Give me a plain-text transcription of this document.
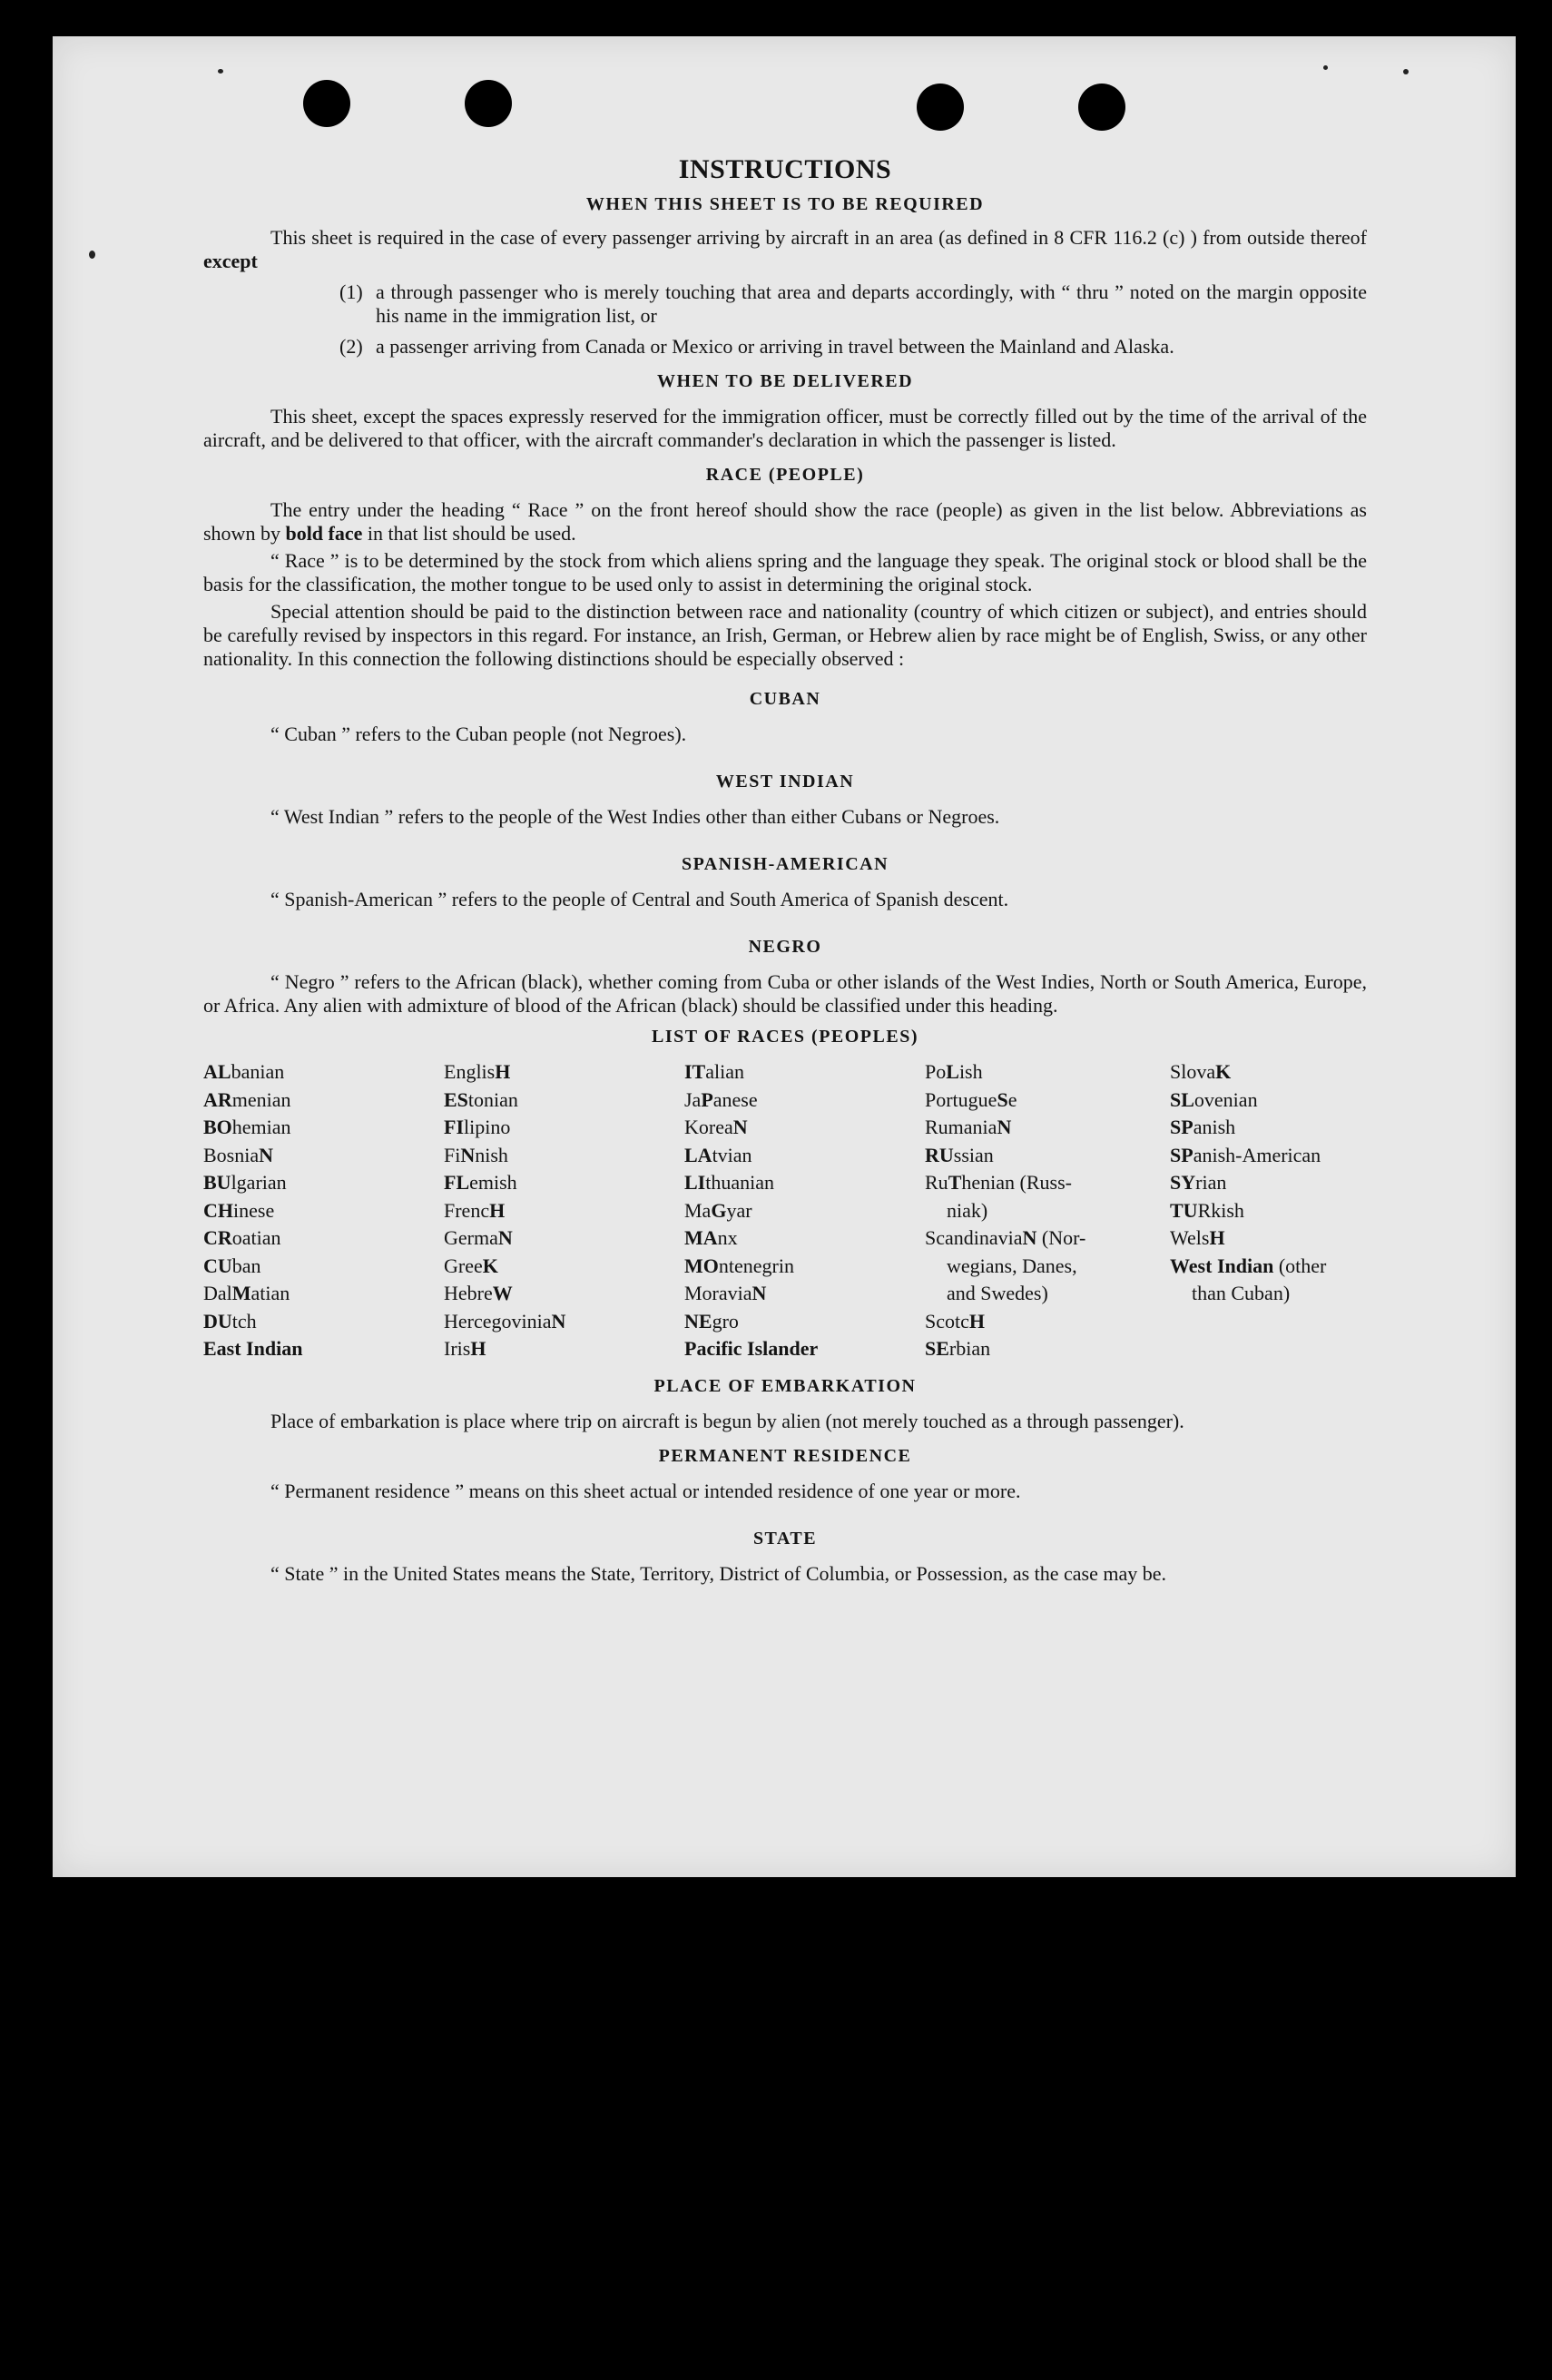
INSTRUCTIONS
WHEN THIS SHEET IS TO BE REQUIRED

This sheet is required in the case of every passenger arriving by aircraft in an area (as defined in 8 CFR 116.2 (c) ) from outside thereof except

(1) a through passenger who is merely touching that area and departs accordingly, with “ thru ” noted on the margin opposite his name in the immigration list, or
(2) a passenger arriving from Canada or Mexico or arriving in travel between the Mainland and Alaska.
WHEN TO BE DELIVERED

This sheet, except the spaces expressly reserved for the immigration officer, must be correctly filled out by the time of the arrival of the aircraft, and be delivered to that officer, with the aircraft commander's declaration in which the passenger is listed.

RACE (PEOPLE)

The entry under the heading “ Race ” on the front hereof should show the race (people) as given in the list below. Abbreviations as shown by bold face in that list should be used.

“ Race ” is to be determined by the stock from which aliens spring and the language they speak. The original stock or blood shall be the basis for the classification, the mother tongue to be used only to assist in determining the original stock.

Special attention should be paid to the distinction between race and nationality (country of which citizen or subject), and entries should be carefully revised by inspectors in this regard. For instance, an Irish, German, or Hebrew alien by race might be of English, Swiss, or any other nationality. In this connection the following distinctions should be especially observed :

CUBAN

“ Cuban ” refers to the Cuban people (not Negroes).

WEST INDIAN

“ West Indian ” refers to the people of the West Indies other than either Cubans or Negroes.

SPANISH-AMERICAN

“ Spanish-American ” refers to the people of Central and South America of Spanish descent.

NEGRO

“ Negro ” refers to the African (black), whether coming from Cuba or other islands of the West Indies, North or South America, Europe, or Africa. Any alien with admixture of blood of the African (black) should be classified under this heading.

LIST OF RACES (PEOPLES)
ALbanian
ARmenian
BOhemian
BosniaN
BUlgarian
CHinese
CRoatian
CUban
DalMatian
DUtch
East Indian
EnglisH
EStonian
FIlipino
FiNnish
FLemish
FrencH
GermaN
GreeK
HebreW
HercegoviniaN
IrisH
ITalian
JaPanese
KoreaN
LAtvian
LIthuanian
MaGyar
MAnx
MOntenegrin
MoraviaN
NEgro
Pacific Islander
PoLish
PortugueSe
RumaniaN
RUssian
RuThenian (Russ-
niak)
ScandinaviaN (Nor-
wegians, Danes,
and Swedes)
ScotcH
SErbian
SlovaK
SLovenian
SPanish
SPanish-American
SYrian
TURkish
WelsH
West Indian (other
than Cuban)
PLACE OF EMBARKATION

Place of embarkation is place where trip on aircraft is begun by alien (not merely touched as a through passenger).

PERMANENT RESIDENCE

“ Permanent residence ” means on this sheet actual or intended residence of one year or more.

STATE

“ State ” in the United States means the State, Territory, District of Columbia, or Possession, as the case may be.
